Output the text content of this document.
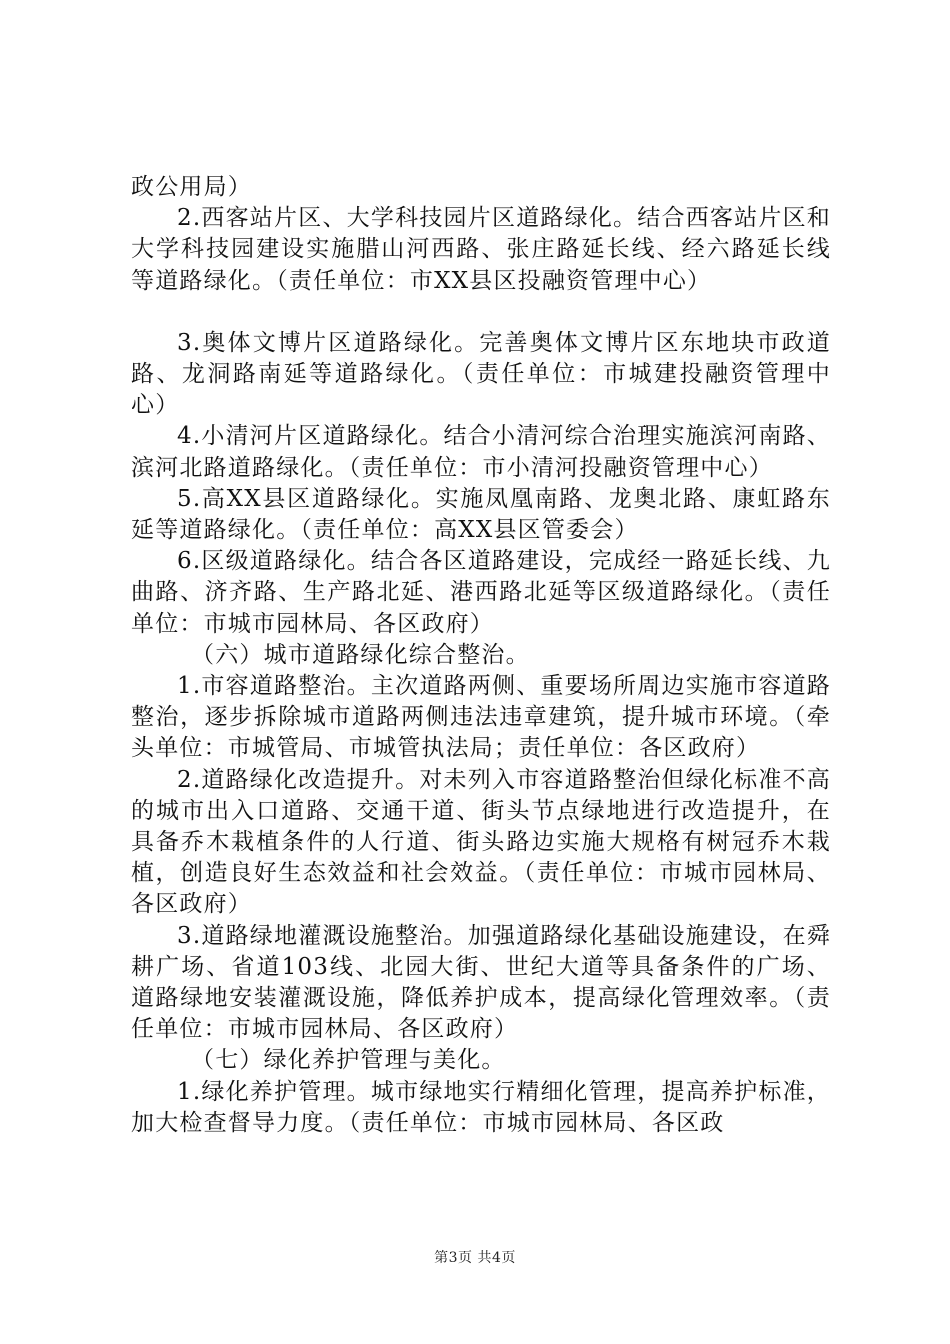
政公用局）

2.西客站片区、大学科技园片区道路绿化。结合西客站片区和大学科技园建设实施腊山河西路、张庄路延长线、经六路延长线等道路绿化。（责任单位：市XX县区投融资管理中心）

3.奥体文博片区道路绿化。完善奥体文博片区东地块市政道路、龙洞路南延等道路绿化。（责任单位：市城建投融资管理中心）

4.小清河片区道路绿化。结合小清河综合治理实施滨河南路、滨河北路道路绿化。（责任单位：市小清河投融资管理中心）

5.高XX县区道路绿化。实施凤凰南路、龙奥北路、康虹路东延等道路绿化。（责任单位：高XX县区管委会）

6.区级道路绿化。结合各区道路建设，完成经一路延长线、九曲路、济齐路、生产路北延、港西路北延等区级道路绿化。（责任单位：市城市园林局、各区政府）

（六）城市道路绿化综合整治。

1.市容道路整治。主次道路两侧、重要场所周边实施市容道路整治，逐步拆除城市道路两侧违法违章建筑，提升城市环境。（牵头单位：市城管局、市城管执法局；责任单位：各区政府）

2.道路绿化改造提升。对未列入市容道路整治但绿化标准不高的城市出入口道路、交通干道、街头节点绿地进行改造提升，在具备乔木栽植条件的人行道、街头路边实施大规格有树冠乔木栽植，创造良好生态效益和社会效益。（责任单位：市城市园林局、各区政府）

3.道路绿地灌溉设施整治。加强道路绿化基础设施建设，在舜耕广场、省道103线、北园大街、世纪大道等具备条件的广场、道路绿地安装灌溉设施，降低养护成本，提高绿化管理效率。（责任单位：市城市园林局、各区政府）

（七）绿化养护管理与美化。

1.绿化养护管理。城市绿地实行精细化管理，提高养护标准，加大检查督导力度。（责任单位：市城市园林局、各区政

第3页 共4页
